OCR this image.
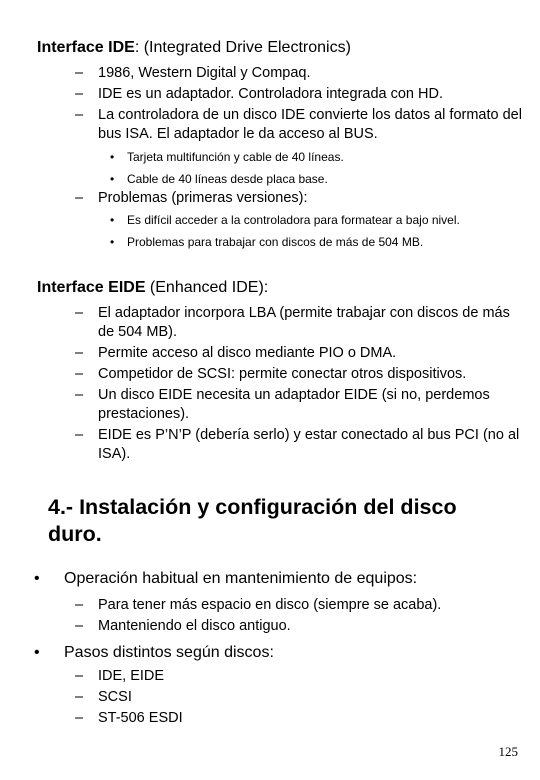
Interface IDE: (Integrated Drive Electronics)
– 1986, Western Digital y Compaq.
– IDE es un adaptador. Controladora integrada con HD.
– La controladora de un disco IDE convierte los datos al formato del bus ISA. El adaptador le da acceso al BUS.
• Tarjeta multifunción y cable de 40 líneas.
• Cable de 40 líneas desde placa base.
– Problemas (primeras versiones):
• Es difícil acceder a la controladora para formatear a bajo nivel.
• Problemas para trabajar con discos de más de 504 MB.
Interface EIDE (Enhanced IDE):
– El adaptador incorpora LBA (permite trabajar con discos de más de 504 MB).
– Permite acceso al disco mediante PIO o DMA.
– Competidor de SCSI: permite conectar otros dispositivos.
– Un disco EIDE necesita un adaptador EIDE (si no, perdemos prestaciones).
– EIDE es P’N’P (debería serlo) y estar conectado al bus PCI (no al ISA).
4.- Instalación y configuración del disco duro.
• Operación habitual en mantenimiento de equipos:
– Para tener más espacio en disco (siempre se acaba).
– Manteniendo el disco antiguo.
• Pasos distintos según discos:
– IDE, EIDE
– SCSI
– ST-506 ESDI
125
